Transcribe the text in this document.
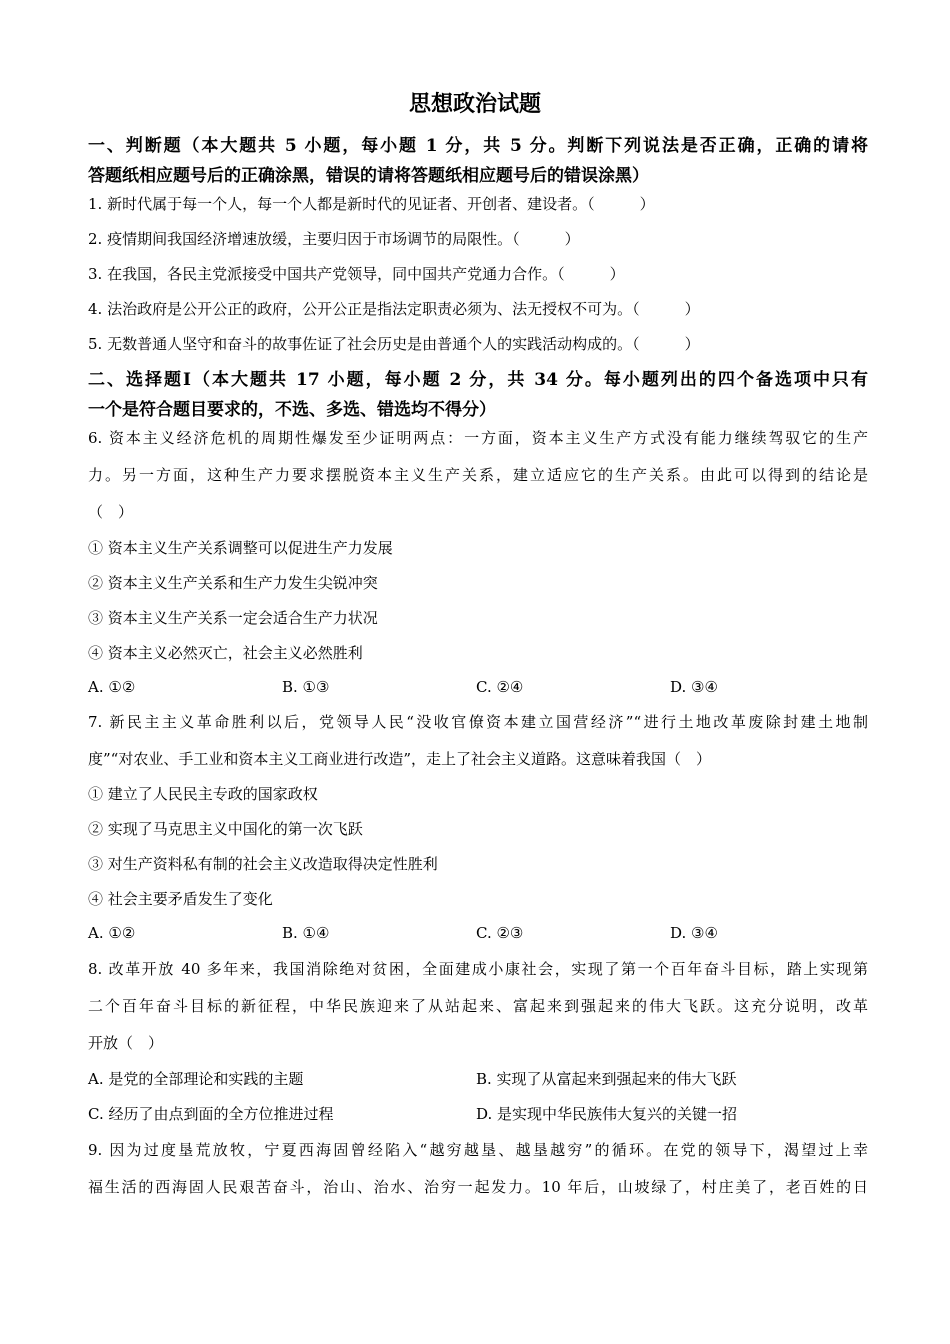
思想政治试题
一、判断题（本大题共 5 小题，每小题 1 分，共 5 分。判断下列说法是否正确，正确的请将
答题纸相应题号后的正确涂黑，错误的请将答题纸相应题号后的错误涂黑）
1. 新时代属于每一个人，每一个人都是新时代的见证者、开创者、建设者。（　　　）
2. 疫情期间我国经济增速放缓，主要归因于市场调节的局限性。（　　　）
3. 在我国，各民主党派接受中国共产党领导，同中国共产党通力合作。（　　　）
4. 法治政府是公开公正的政府，公开公正是指法定职责必须为、法无授权不可为。（　　　）
5. 无数普通人坚守和奋斗的故事佐证了社会历史是由普通个人的实践活动构成的。（　　　）
二、选择题Ⅰ（本大题共 17 小题，每小题 2 分，共 34 分。每小题列出的四个备选项中只有
一个是符合题目要求的，不选、多选、错选均不得分）
6. 资本主义经济危机的周期性爆发至少证明两点：一方面，资本主义生产方式没有能力继续驾驭它的生产
力。另一方面，这种生产力要求摆脱资本主义生产关系，建立适应它的生产关系。由此可以得到的结论是
（　）
① 资本主义生产关系调整可以促进生产力发展
② 资本主义生产关系和生产力发生尖锐冲突
③ 资本主义生产关系一定会适合生产力状况
④ 资本主义必然灭亡，社会主义必然胜利
A. ①②	B. ①③	C. ②④	D. ③④
7. 新民主主义革命胜利以后，党领导人民“没收官僚资本建立国营经济”“进行土地改革废除封建土地制
度”“对农业、手工业和资本主义工商业进行改造”，走上了社会主义道路。这意味着我国（　）
① 建立了人民民主专政的国家政权
② 实现了马克思主义中国化的第一次飞跃
③ 对生产资料私有制的社会主义改造取得决定性胜利
④ 社会主要矛盾发生了变化
A. ①②	B. ①④	C. ②③	D. ③④
8. 改革开放 40 多年来，我国消除绝对贫困，全面建成小康社会，实现了第一个百年奋斗目标，踏上实现第
二个百年奋斗目标的新征程，中华民族迎来了从站起来、富起来到强起来的伟大飞跃。这充分说明，改革
开放（　）
A. 是党的全部理论和实践的主题	B. 实现了从富起来到强起来的伟大飞跃
C. 经历了由点到面的全方位推进过程	D. 是实现中华民族伟大复兴的关键一招
9. 因为过度垦荒放牧，宁夏西海固曾经陷入“越穷越垦、越垦越穷”的循环。在党的领导下，渴望过上幸
福生活的西海固人民艰苦奋斗，治山、治水、治穷一起发力。10 年后，山坡绿了，村庄美了，老百姓的日
